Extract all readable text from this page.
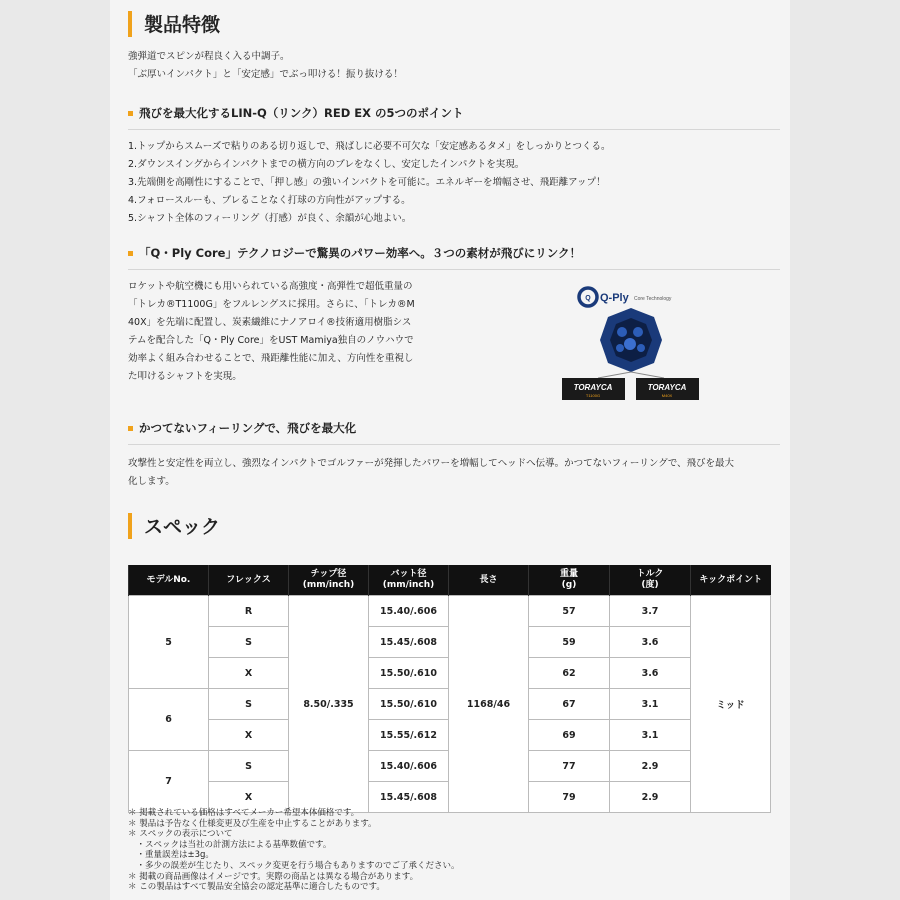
製品特徴
強弾道でスピンが程良く入る中調子。
「ぶ厚いインパクト」と「安定感」でぶっ叩ける！振り抜ける！
飛びを最大化するLIN-Q（リンク）RED EX の5つのポイント
1.トップからスムーズで粘りのある切り返しで、飛ばしに必要不可欠な「安定感あるタメ」をしっかりとつくる。
2.ダウンスイングからインパクトまでの横方向のブレをなくし、安定したインパクトを実現。
3.先端側を高剛性にすることで、「押し感」の強いインパクトを可能に。エネルギーを増幅させ、飛距離アップ！
4.フォロースルーも、ブレることなく打球の方向性がアップする。
5.シャフト全体のフィーリング（打感）が良く、余韻が心地よい。
「Q・Ply Core」テクノロジーで驚異のパワー効率へ。３つの素材が飛びにリンク！
ロケットや航空機にも用いられている高強度・高弾性で超低重量の
「トレカ®T1100G」をフルレングスに採用。さらに、「トレカ®M
40X」を先端に配置し、炭素繊維にナノアロイ®技術適用樹脂シス
テムを配合した「Q・Ply Core」をUST Mamiya独自のノウハウで
効率よく組み合わせることで、飛距離性能に加え、方向性を重視し
た叩けるシャフトを実現。
Q Q-Ply Core Technology
TORAYCA
T1100G
TORAYCA
M40X
かつてないフィーリングで、飛びを最大化
攻撃性と安定性を両立し、強烈なインパクトでゴルファーが発揮したパワーを増幅してヘッドへ伝導。かつてないフィーリングで、飛びを最大
化します。
スペック
モデルNo.	フレックス	チップ径
(mm/inch)	バット径
(mm/inch)	長さ	重量
(g)	トルク
(度)	キックポイント
5	R	8.50/.335	15.40/.606	1168/46	57	3.7	ミッド
	S		15.45/.608		59	3.6	
	X		15.50/.610		62	3.6	
6	S		15.50/.610		67	3.1	
	X		15.55/.612		69	3.1	
7	S		15.40/.606		77	2.9	
	X		15.45/.608		79	2.9	
＊ 掲載されている価格はすべてメーカー希望本体価格です。
＊ 製品は予告なく仕様変更及び生産を中止することがあります。
＊ スペックの表示について
　・スペックは当社の計測方法による基準数値です。
　・重量誤差は±3g。
　・多少の誤差が生じたり、スペック変更を行う場合もありますのでご了承ください。
＊ 掲載の商品画像はイメージです。実際の商品とは異なる場合があります。
＊ この製品はすべて製品安全協会の認定基準に適合したものです。
